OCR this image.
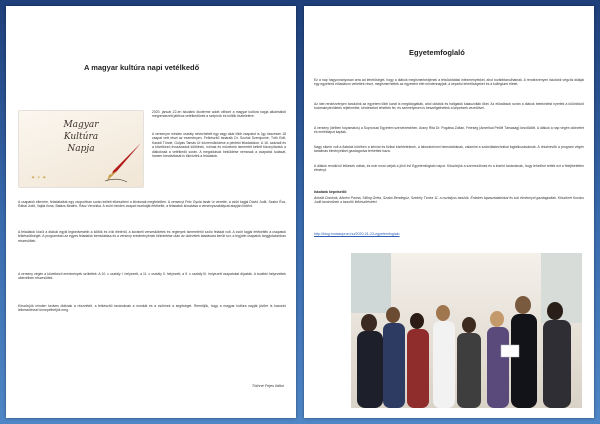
A magyar kultúra napi vetélkedő
Magyar
Kultúra
Napja
✦ ✧ ✦

2020. január 22-én iskolánk ökoterme adott otthont a magyar kultúra napja alkalmából megrendezett játékos vetélkedőnek a szépírók és költők tiszteletére.

A versenyre minden osztály nevezhetett egy vagy akár több csapatot is. Így összesen 18 csapat vett részt az eseményen. Felkészítő tanáraik Dr. Szuhai Szemjonné, Tóth Edit, Karádi Tünde, Gulyás Tamás Úr közreműködése a pénteki feladatokon, A 16. századi és a következő évszázadok költőinek, íróinak és műveinek ismeretét kellett bizonyítaniuk a diákoknak a vetélkedő során. A megoldások beküldése nemcsak a csapatok tudását, hanem kreativitását is tükrözték a feladatok.

A csapatok ellenére, feladataikat egy csoportban során kellett elkészíteni a kiírásnak megfelelően. A versenyt Fritz Gyula tanár úr vezette, a zsűri tagjai Dávid Judit, Szabó Éva, Rábai Judit, Vajda Ilona, Balázs Beatrix, Rácz Veronika. A zsűri minden csapat munkáját értékelte, a feladatok kiosztása a versenyszabályzat alapján történt.

A feladatok közül a diákok egyik legkedvesebb a költők és írók életéről, a korabeli verseskötetek és regények ismeretéről szóló feladat volt. A zsűri tagjai értékelték a csapatok felkészültségét. A programban az egyes feladatok bemutatása és a verseny eredményének kihirdetése után az oklevelek átadására került sor, a legjobb csapatok tárgyjutalomban részesültek.

A verseny végén a következő eredmények születtek: A 10. c osztály I. helyezett, a 11. c osztály II. helyezett, a 9. c osztály III. helyezett csapatokat díjazták. A további helyezettek oklevélben részesültek.

Köszönjük minden kedves diáknak a részvételt, a felkészítő tanároknak a munkát és a zsűrinek a segítséget. Reméljük, hogy a magyar kultúra napját jövőre is hasonló lelkesedéssel ünnepelhetjük meg.

Tóthné Fejes Ildikó
Egyetemfoglaló

Ez a nap hagyományosan arra ad lehetőséget, hogy a diákok megismerkedjenek a felsőoktatási intézményekkel, ahol továbbtanulhatnak. A rendezvényen iskolánk végzős diákjai egy egyetemi előadáson vehettek részt, megismerhették az egyetemi élet mindennapjait, a képzési lehetőségeket és a kollégiumi életet.

Az idei rendezvényen tanulóink az egyetem több karát is meglátogatták, ahol oktatók és hallgatók kalauzolták őket. Az előadások során a diákok betekintést nyertek a különböző tudományterületek rejtelmeibe, kérdéseket tehettek fel, és személyesen is beszélgethettek a képzések vezetőivel.

A verseny (délben folyamatos) a Sopronusi Egyetem szervezésében, Arany Rita Dr. Pogátsa Zoltán, Feleség (Amerikai Petőfi Társaság) kezdődött. A diákok a nap végén oklevelet és emléklapot kaptak.

Nagy sikere volt a fiatalok körében a kémiai és fizikai kísérleteknek, a laboratóriumi bemutatóknak, valamint a számítástechnikai foglalkozásoknak. A résztvevők a program végén tartalmas élményekkel gazdagodva térhettek haza.

A diákok rendkívül lelkesek voltak, és már most várják a jövő évi Egyetemfoglaló napot. Köszönjük a szervezőknek és a kísérő tanároknak, hogy lehetővé tették ezt a felejthetetlen élményt.

Iskolánk képviselői:

Antalik Dominik, Albreni Panna, Stiling Gréta, Szabó Bendegúz, Szekely Tímea 11. a osztályos tanulók. Érdekes tapasztalatokkal és sok élménnyel gazdagodtak. Köszönet Kovács Judit tanárnőnek a tanulók felkészítéséért.

http://blog.mniasopron.hu/2020-01-23-egyetemfoglalo
